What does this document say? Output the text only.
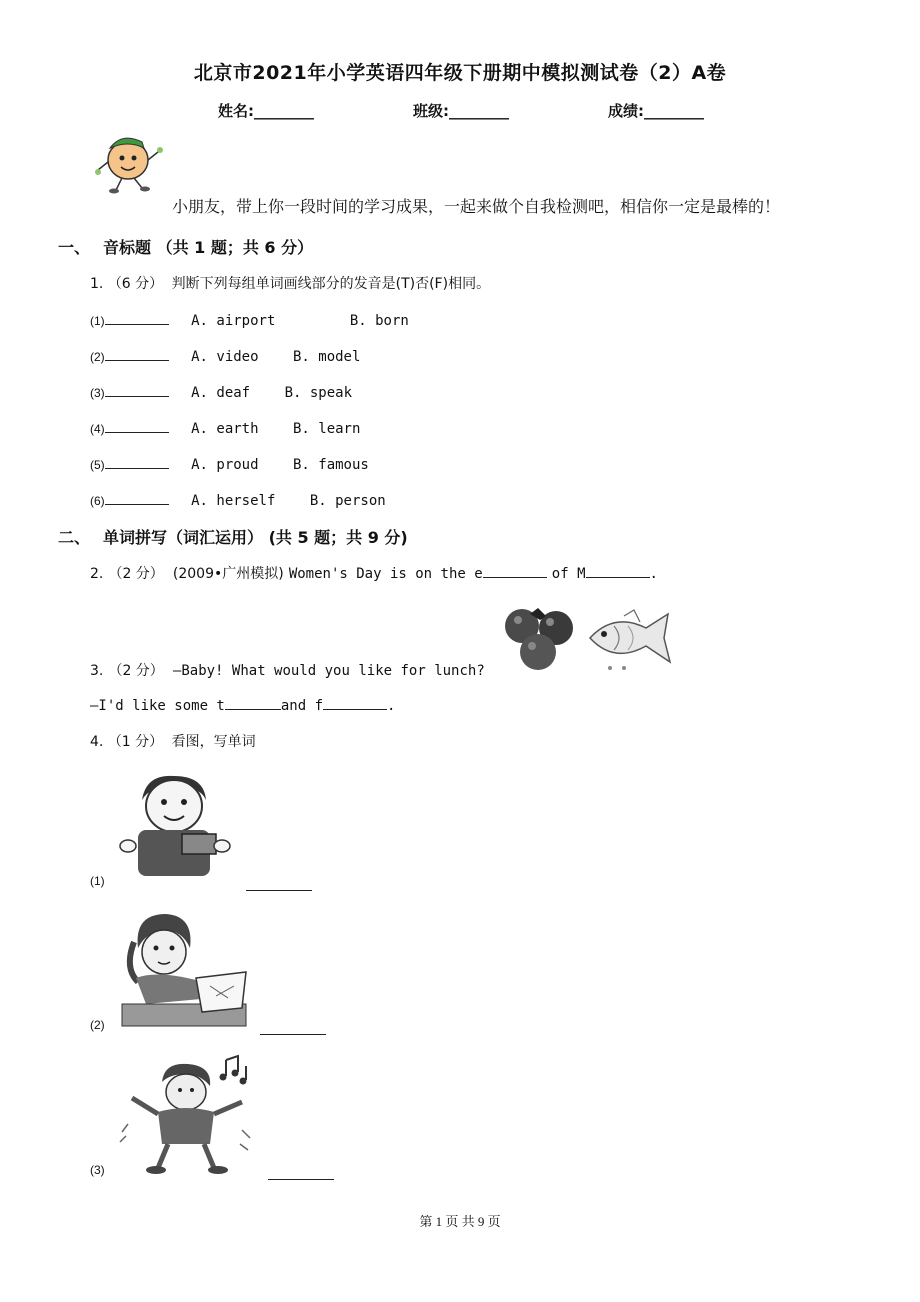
北京市2021年小学英语四年级下册期中模拟测试卷（2）A卷
姓名:________	班级:________	成绩:________
小朋友，带上你一段时间的学习成果，一起来做个自我检测吧，相信你一定是最棒的！
一、 音标题 （共 1 题；共 6 分）
1. （6 分） 判断下列每组单词画线部分的发音是(T)否(F)相同。
(1)	A. airport	B. born
(2)	A. video B. model
(3)	A. deaf B. speak
(4)	A. earth B. learn
(5)	A. proud B. famous
(6)	A. herself B. person
二、 单词拼写（词汇运用） (共 5 题；共 9 分)
2. （2 分） (2009•广州模拟) Women's Day is on the e	of M	.
3. （2 分） —Baby! What would you like for lunch?
—I'd like some t	and f	.
4. （1 分） 看图，写单词
(1)
(2)
(3)
第 1 页 共 9 页
